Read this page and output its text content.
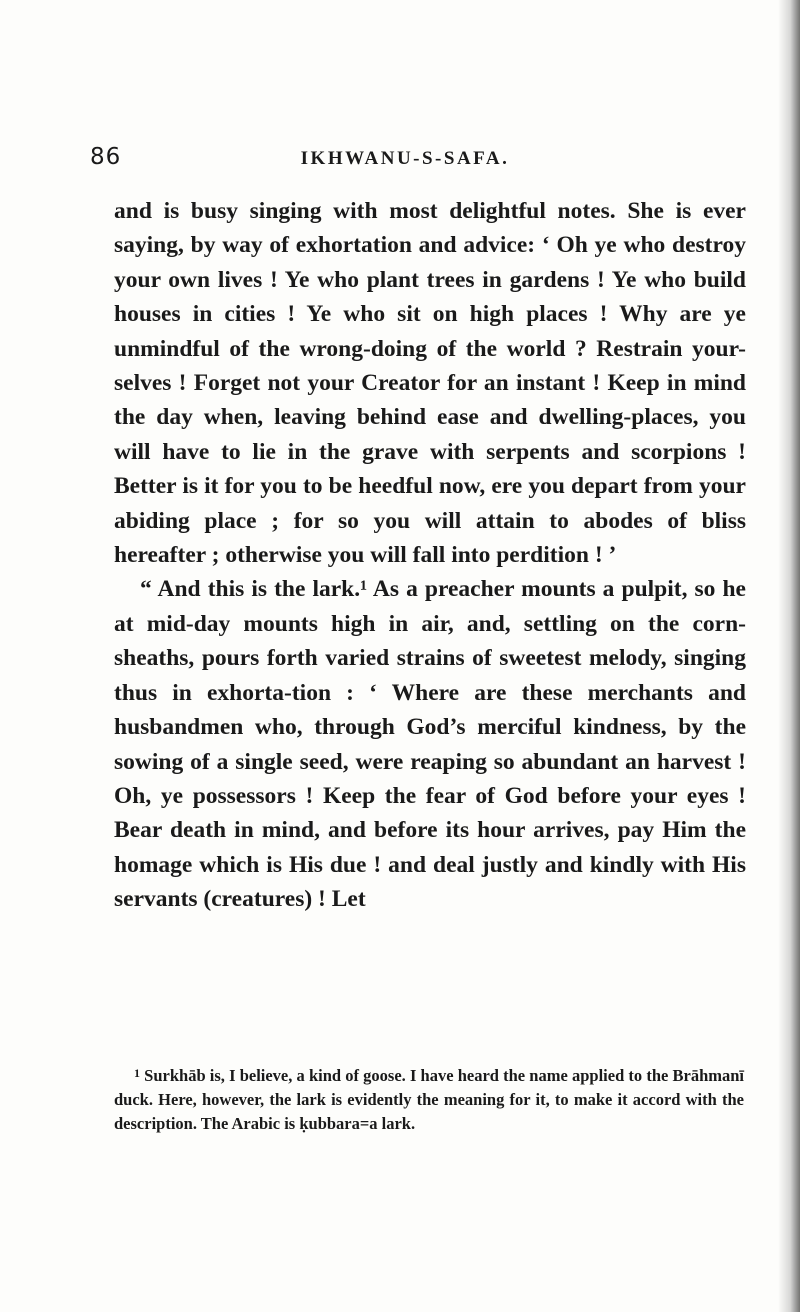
86	IKHWANU-S-SAFA.

and is busy singing with most delightful notes. She is ever saying, by way of exhortation and advice: ‘ Oh ye who destroy your own lives ! Ye who plant trees in gardens ! Ye who build houses in cities ! Ye who sit on high places ! Why are ye unmindful of the wrong-doing of the world ? Restrain your-selves ! Forget not your Creator for an instant ! Keep in mind the day when, leaving behind ease and dwelling-places, you will have to lie in the grave with serpents and scorpions ! Better is it for you to be heedful now, ere you depart from your abiding place ; for so you will attain to abodes of bliss hereafter ; otherwise you will fall into perdition ! ’

“ And this is the lark.¹ As a preacher mounts a pulpit, so he at mid-day mounts high in air, and, settling on the corn-sheaths, pours forth varied strains of sweetest melody, singing thus in exhorta-tion : ‘ Where are these merchants and husbandmen who, through God’s merciful kindness, by the sowing of a single seed, were reaping so abundant an harvest ! Oh, ye possessors ! Keep the fear of God before your eyes ! Bear death in mind, and before its hour arrives, pay Him the homage which is His due ! and deal justly and kindly with His servants (creatures) ! Let

$^1$ Surkhāb is, I believe, a kind of goose. I have heard the name applied to the Brāhmanī duck. Here, however, the lark is evidently the meaning for it, to make it accord with the description. The Arabic is ḳubbara=a lark.
